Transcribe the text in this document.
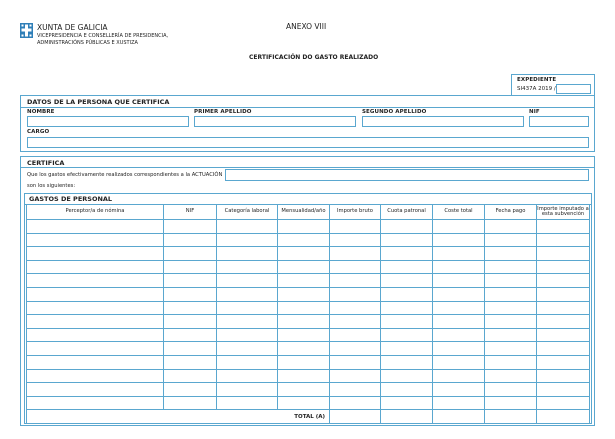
XUNTA DE GALICIA
VICEPRESIDENCIA E CONSELLERÍA DE PRESIDENCIA,
ADMINISTRACIÓNS PÚBLICAS E XUSTIZA
ANEXO VIII
CERTIFICACIÓN DO GASTO REALIZADO
EXPEDIENTE
SI437A 2019 /
DATOS DE LA PERSONA QUE CERTIFICA
NOMBRE	PRIMER APELLIDO	SEGUNDO APELLIDO	NIF
CARGO
CERTIFICA
Que los gastos efectivamente realizados correspondientes a la ACTUACIÓN
son los siguientes:
GASTOS DE PERSONAL
Perceptor/a de nómina	NIF	Categoría laboral	Mensualidad/año	Importe bruto	Cuota patronal	Coste total	Fecha pago	Importe imputado a esta subvención

TOTAL (A)								
